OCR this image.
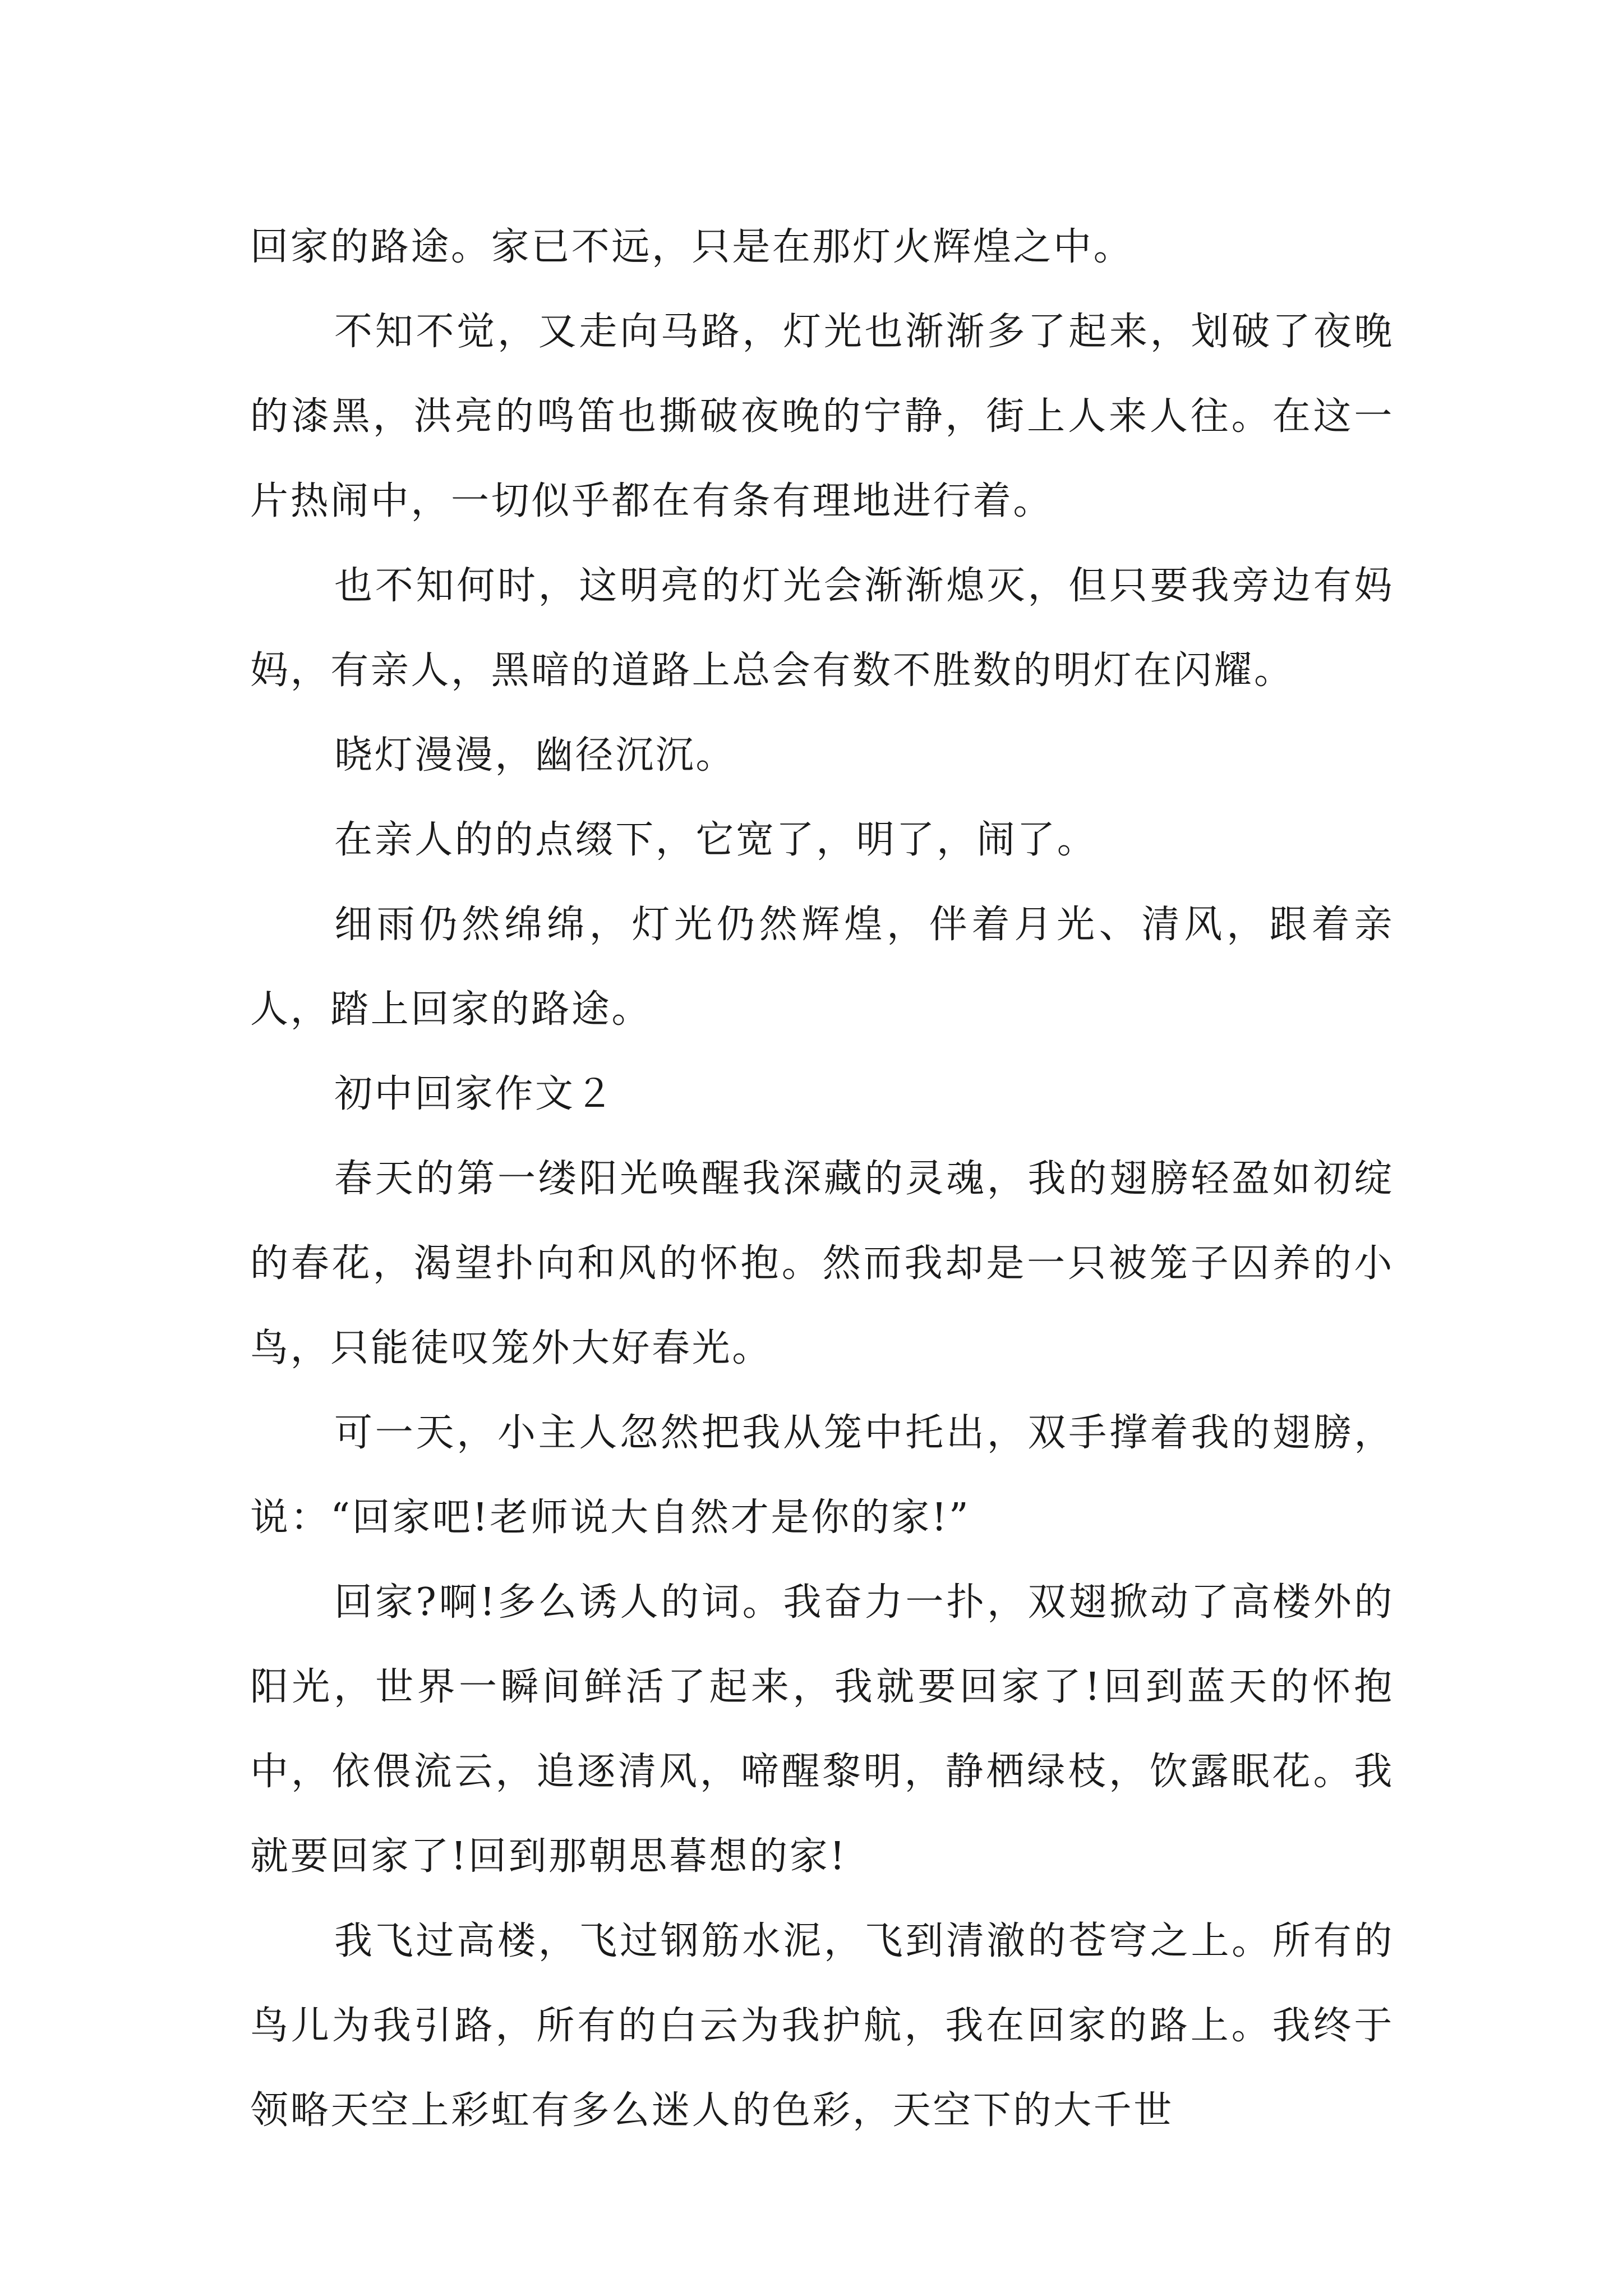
回家的路途。家已不远，只是在那灯火辉煌之中。

不知不觉，又走向马路，灯光也渐渐多了起来，划破了夜晚的漆黑，洪亮的鸣笛也撕破夜晚的宁静，街上人来人往。在这一片热闹中，一切似乎都在有条有理地进行着。

也不知何时，这明亮的灯光会渐渐熄灭，但只要我旁边有妈妈，有亲人，黑暗的道路上总会有数不胜数的明灯在闪耀。

晓灯漫漫，幽径沉沉。

在亲人的的点缀下，它宽了，明了，闹了。

细雨仍然绵绵，灯光仍然辉煌，伴着月光、清风，跟着亲人，踏上回家的路途。

初中回家作文２

春天的第一缕阳光唤醒我深藏的灵魂，我的翅膀轻盈如初绽的春花，渴望扑向和风的怀抱。然而我却是一只被笼子囚养的小鸟，只能徒叹笼外大好春光。

可一天，小主人忽然把我从笼中托出，双手撑着我的翅膀，说：“回家吧!老师说大自然才是你的家!”

回家?啊!多么诱人的词。我奋力一扑，双翅掀动了高楼外的阳光，世界一瞬间鲜活了起来，我就要回家了!回到蓝天的怀抱中，依偎流云，追逐清风，啼醒黎明，静栖绿枝，饮露眠花。我就要回家了!回到那朝思暮想的家!

我飞过高楼，飞过钢筋水泥，飞到清澈的苍穹之上。所有的鸟儿为我引路，所有的白云为我护航，我在回家的路上。我终于领略天空上彩虹有多么迷人的色彩，天空下的大千世
